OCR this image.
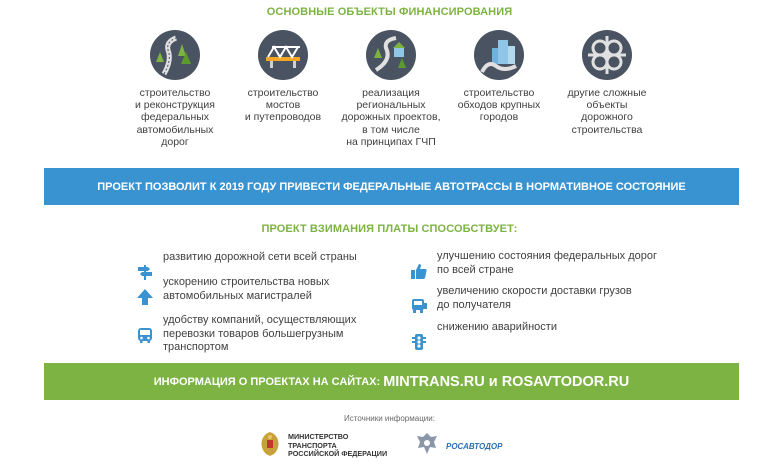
ОСНОВНЫЕ ОБЪЕКТЫ ФИНАНСИРОВАНИЯ
строительство
и реконструкция
федеральных
автомобильных
дорог
строительство
мостов
и путепроводов
реализация
региональных
дорожных проектов,
в том числе
на принципах ГЧП
строительство
обходов крупных
городов
другие сложные
объекты
дорожного
строительства
ПРОЕКТ ПОЗВОЛИТ К 2019 ГОДУ ПРИВЕСТИ ФЕДЕРАЛЬНЫЕ АВТОТРАССЫ В НОРМАТИВНОЕ СОСТОЯНИЕ
ПРОЕКТ ВЗИМАНИЯ ПЛАТЫ СПОСОБСТВУЕТ:

развитию дорожной сети всей страны

ускорению строительства новых
автомобильных магистралей

удобству компаний, осуществляющих
перевозки товаров большегрузным
транспортом

улучшению состояния федеральных дорог
по всей стране

увеличению скорости доставки грузов
до получателя

снижению аварийности
ИНФОРМАЦИЯ О ПРОЕКТАХ НА САЙТАХ: MINTRANS.RU и ROSAVTODOR.RU
Источники информации:
МИНИСТЕРСТВО ТРАНСПОРТА
РОССИЙСКОЙ ФЕДЕРАЦИИ
РОСАВТОДОР
